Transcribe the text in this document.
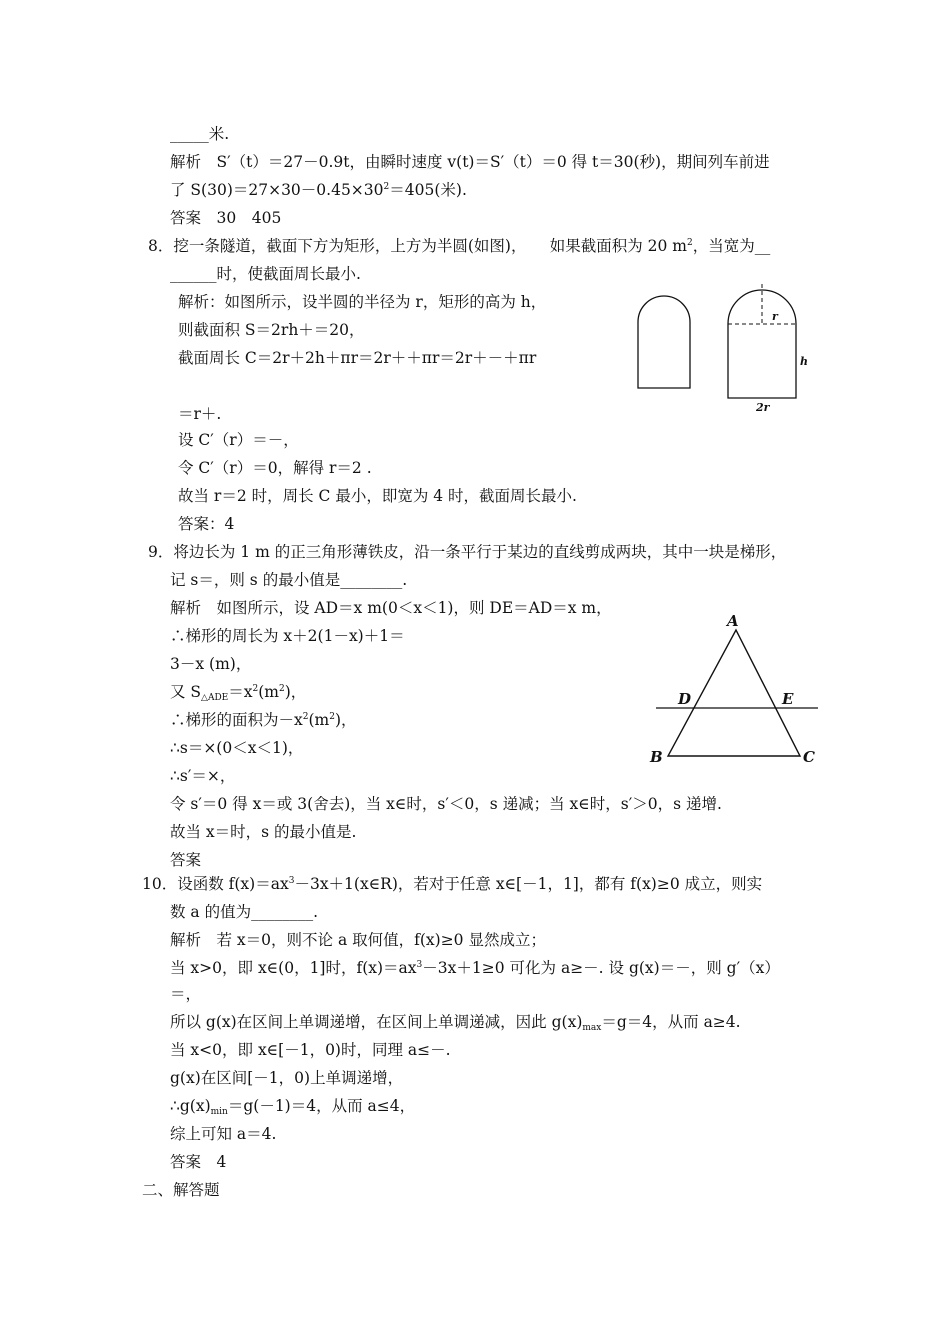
_____米.
解析　S′（t）＝27－0.9t，由瞬时速度 v(t)＝S′（t）＝0 得 t＝30(秒)，期间列车前进
了 $S(30)=27\times 30-0.45\times 30^2=405$(米).
答案　30　405
8．挖一条隧道，截面下方为矩形，上方为半圆(如图)，　　如果截面积为 20 $m^2$，当宽为__
______时，使截面周长最小.
解析：如图所示，设半圆的半径为 r，矩形的高为 h，
则截面积 S＝2rh＋＝20，
截面周长 C＝2r＋2h＋πr＝2r＋＋πr＝2r＋－＋πr
＝r＋.
设 C′（r）＝－，
令 C′（r）＝0，解得 r＝2 .
故当 r＝2 时，周长 C 最小，即宽为 4 时，截面周长最小.
答案：4
r
h
2r
9．将边长为 1 m 的正三角形薄铁皮，沿一条平行于某边的直线剪成两块，其中一块是梯形，
记 s＝，则 s 的最小值是________.
解析　如图所示，设 AD＝x m(0＜x＜1)，则 DE＝AD＝x m，
∴梯形的周长为 x＋2(1－x)＋1＝
3－x (m)，
又 $S_{\triangle ADE}=x^2(m^2)$，
∴梯形的面积为$-x^2(m^2)$，
∴s＝×(0＜x＜1)，
∴s′＝×，
令 s′＝0 得 x＝或 3(舍去)，当 x∈时，s′＜0，s 递减；当 x∈时，s′＞0，s 递增.
故当 x＝时，s 的最小值是.
答案
A
B	C
D	E
10．设函数 $f(x)=ax^3-3x+1(x\in R)$，若对于任意 x∈[－1，1]，都有 f(x)≥0 成立，则实
数 a 的值为________.
解析　若 x＝0，则不论 a 取何值，f(x)≥0 显然成立；
当 x>0，即 x∈(0，1]时，$f(x)=ax^3-3x+1\ge 0$ 可化为 a≥－. 设 g(x)＝－，则 g′（x）
＝，
所以 g(x)在区间上单调递增，在区间上单调递减，因此 $g(x)_{max}=g=4$，从而 a≥4.
当 x<0，即 x∈[－1，0)时，同理 a≤－.
g(x)在区间[－1，0)上单调递增，
$\therefore g(x)_{min}=g(-1)=4$，从而 a≤4，
综上可知 a＝4.
答案　4
二、解答题
